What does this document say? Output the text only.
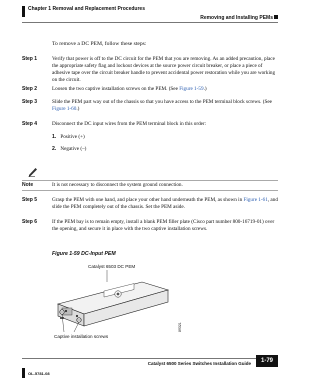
Chapter 1 Removal and Replacement Procedures
Removing and Installing PEMs
To remove a DC PEM, follow these steps:
Step 1	Verify that power is off to the DC circuit for the PEM that you are removing. As an added precaution, place the appropriate safety flag and lockout devices at the source power circuit breaker, or place a piece of adhesive tape over the circuit breaker handle to prevent accidental power restoration while you are working on the circuit.
Step 2	Loosen the two captive installation screws on the PEM. (See Figure 1-59.)
Step 3	Slide the PEM part way out of the chassis so that you have access to the PEM terminal block screws. (See Figure 1-60.)
Step 4	Disconnect the DC input wires from the PEM terminal block in this order:
1. Positive (+)
2. Negative (–)
Note	It is not necessary to disconnect the system ground connection.
Step 5	Grasp the PEM with one hand, and place your other hand underneath the PEM, as shown in Figure 1-61, and slide the PEM completely out of the chassis. Set the PEM aside.
Step 6	If the PEM bay is to remain empty, install a blank PEM filler plate (Cisco part number 800-16719-01) over the opening, and secure it in place with the two captive installation screws.
Figure 1-59 DC-Input PEM
Catalyst 6503 DC PEM
Captive installation screws
89321
Catalyst 6500 Series Switches Installation Guide	1-79
OL-5781-08
